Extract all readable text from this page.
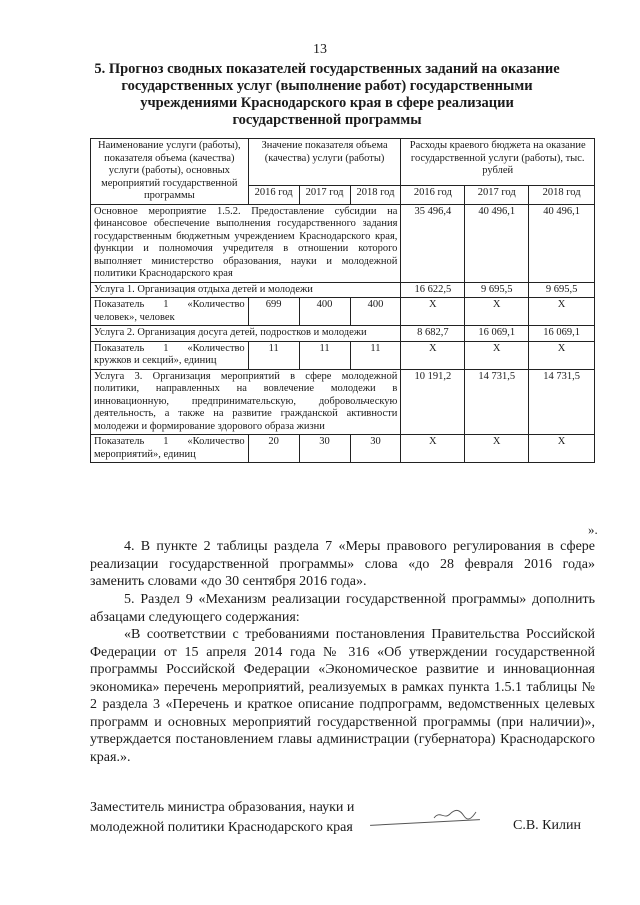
13
5. Прогноз сводных показателей государственных заданий на оказание государственных услуг (выполнение работ) государственными учреждениями Краснодарского края в сфере реализации государственной программы
Наименование услуги (работы), показателя объема (качества) услуги (работы), основных мероприятий государственной программы	Значение показателя объема (качества) услуги (работы)			Расходы краевого бюджета на оказание государственной услуги (работы), тыс. рублей		
	2016 год	2017 год	2018 год	2016 год	2017 год	2018 год
Основное мероприятие 1.5.2. Предоставление субсидии на финансовое обеспечение выполнения государственного задания государственным бюджетным учреждением Краснодарского края, функции и полномочия учредителя в отношении которого выполняет министерство образования, науки и молодежной политики Краснодарского края				35 496,4	40 496,1	40 496,1
Услуга 1. Организация отдыха детей и молодежи				16 622,5	9 695,5	9 695,5
Показатель 1 «Количество человек», человек	699	400	400	X	X	X
Услуга 2. Организация досуга детей, подростков и молодежи				8 682,7	16 069,1	16 069,1
Показатель 1 «Количество кружков и секций», единиц	11	11	11	X	X	X
Услуга 3. Организация мероприятий в сфере молодежной политики, направленных на вовлечение молодежи в инновационную, предпринимательскую, добровольческую деятельность, а также на развитие гражданской активности молодежи и формирование здорового образа жизни				10 191,2	14 731,5	14 731,5
Показатель 1 «Количество мероприятий», единиц	20	30	30	X	X	X
».
4. В пункте 2 таблицы раздела 7 «Меры правового регулирования в сфере реализации государственной программы» слова «до 28 февраля 2016 года» заменить словами «до 30 сентября 2016 года».
5. Раздел 9 «Механизм реализации государственной программы» дополнить абзацами следующего содержания:
«В соответствии с требованиями постановления Правительства Российской Федерации от 15 апреля 2014 года № 316 «Об утверждении государственной программы Российской Федерации «Экономическое развитие и инновационная экономика» перечень мероприятий, реализуемых в рамках пункта 1.5.1 таблицы № 2 раздела 3 «Перечень и краткое описание подпрограмм, ведомственных целевых программ и основных мероприятий государственной программы (при наличии)», утверждается постановлением главы администрации (губернатора) Краснодарского края.».
Заместитель министра образования, науки и
молодежной политики Краснодарского края	С.В. Килин
